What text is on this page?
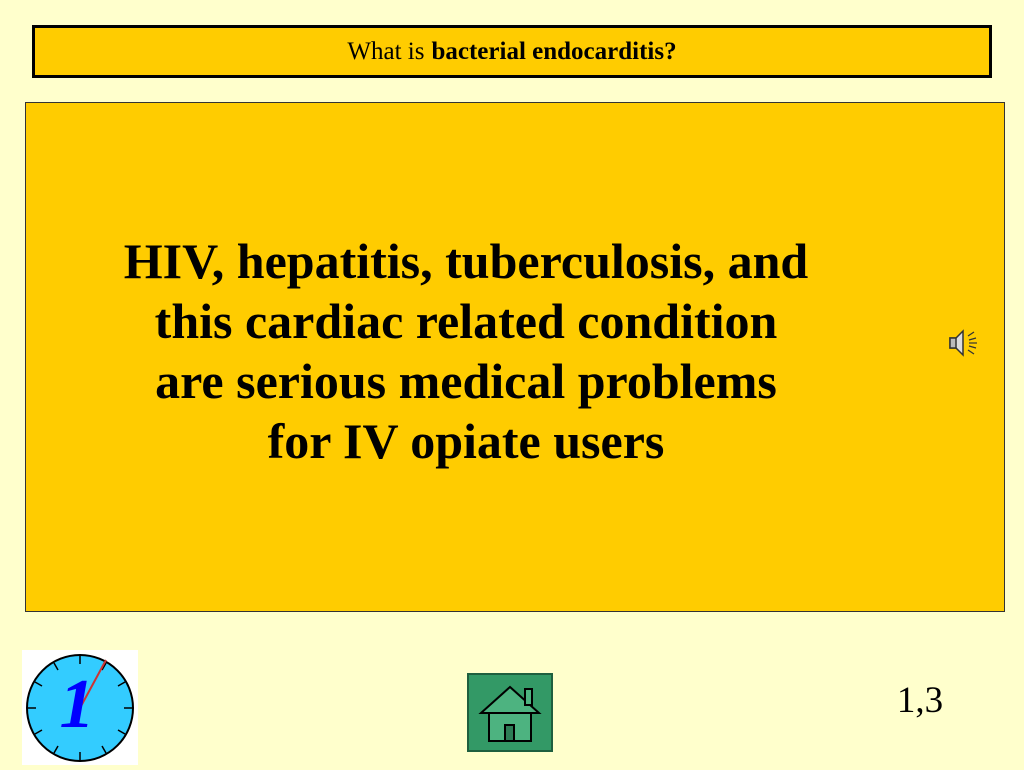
What is bacterial endocarditis?

HIV, hepatitis, tuberculosis, and
this cardiac related condition
are serious medical problems
for IV opiate users

1	1,3
